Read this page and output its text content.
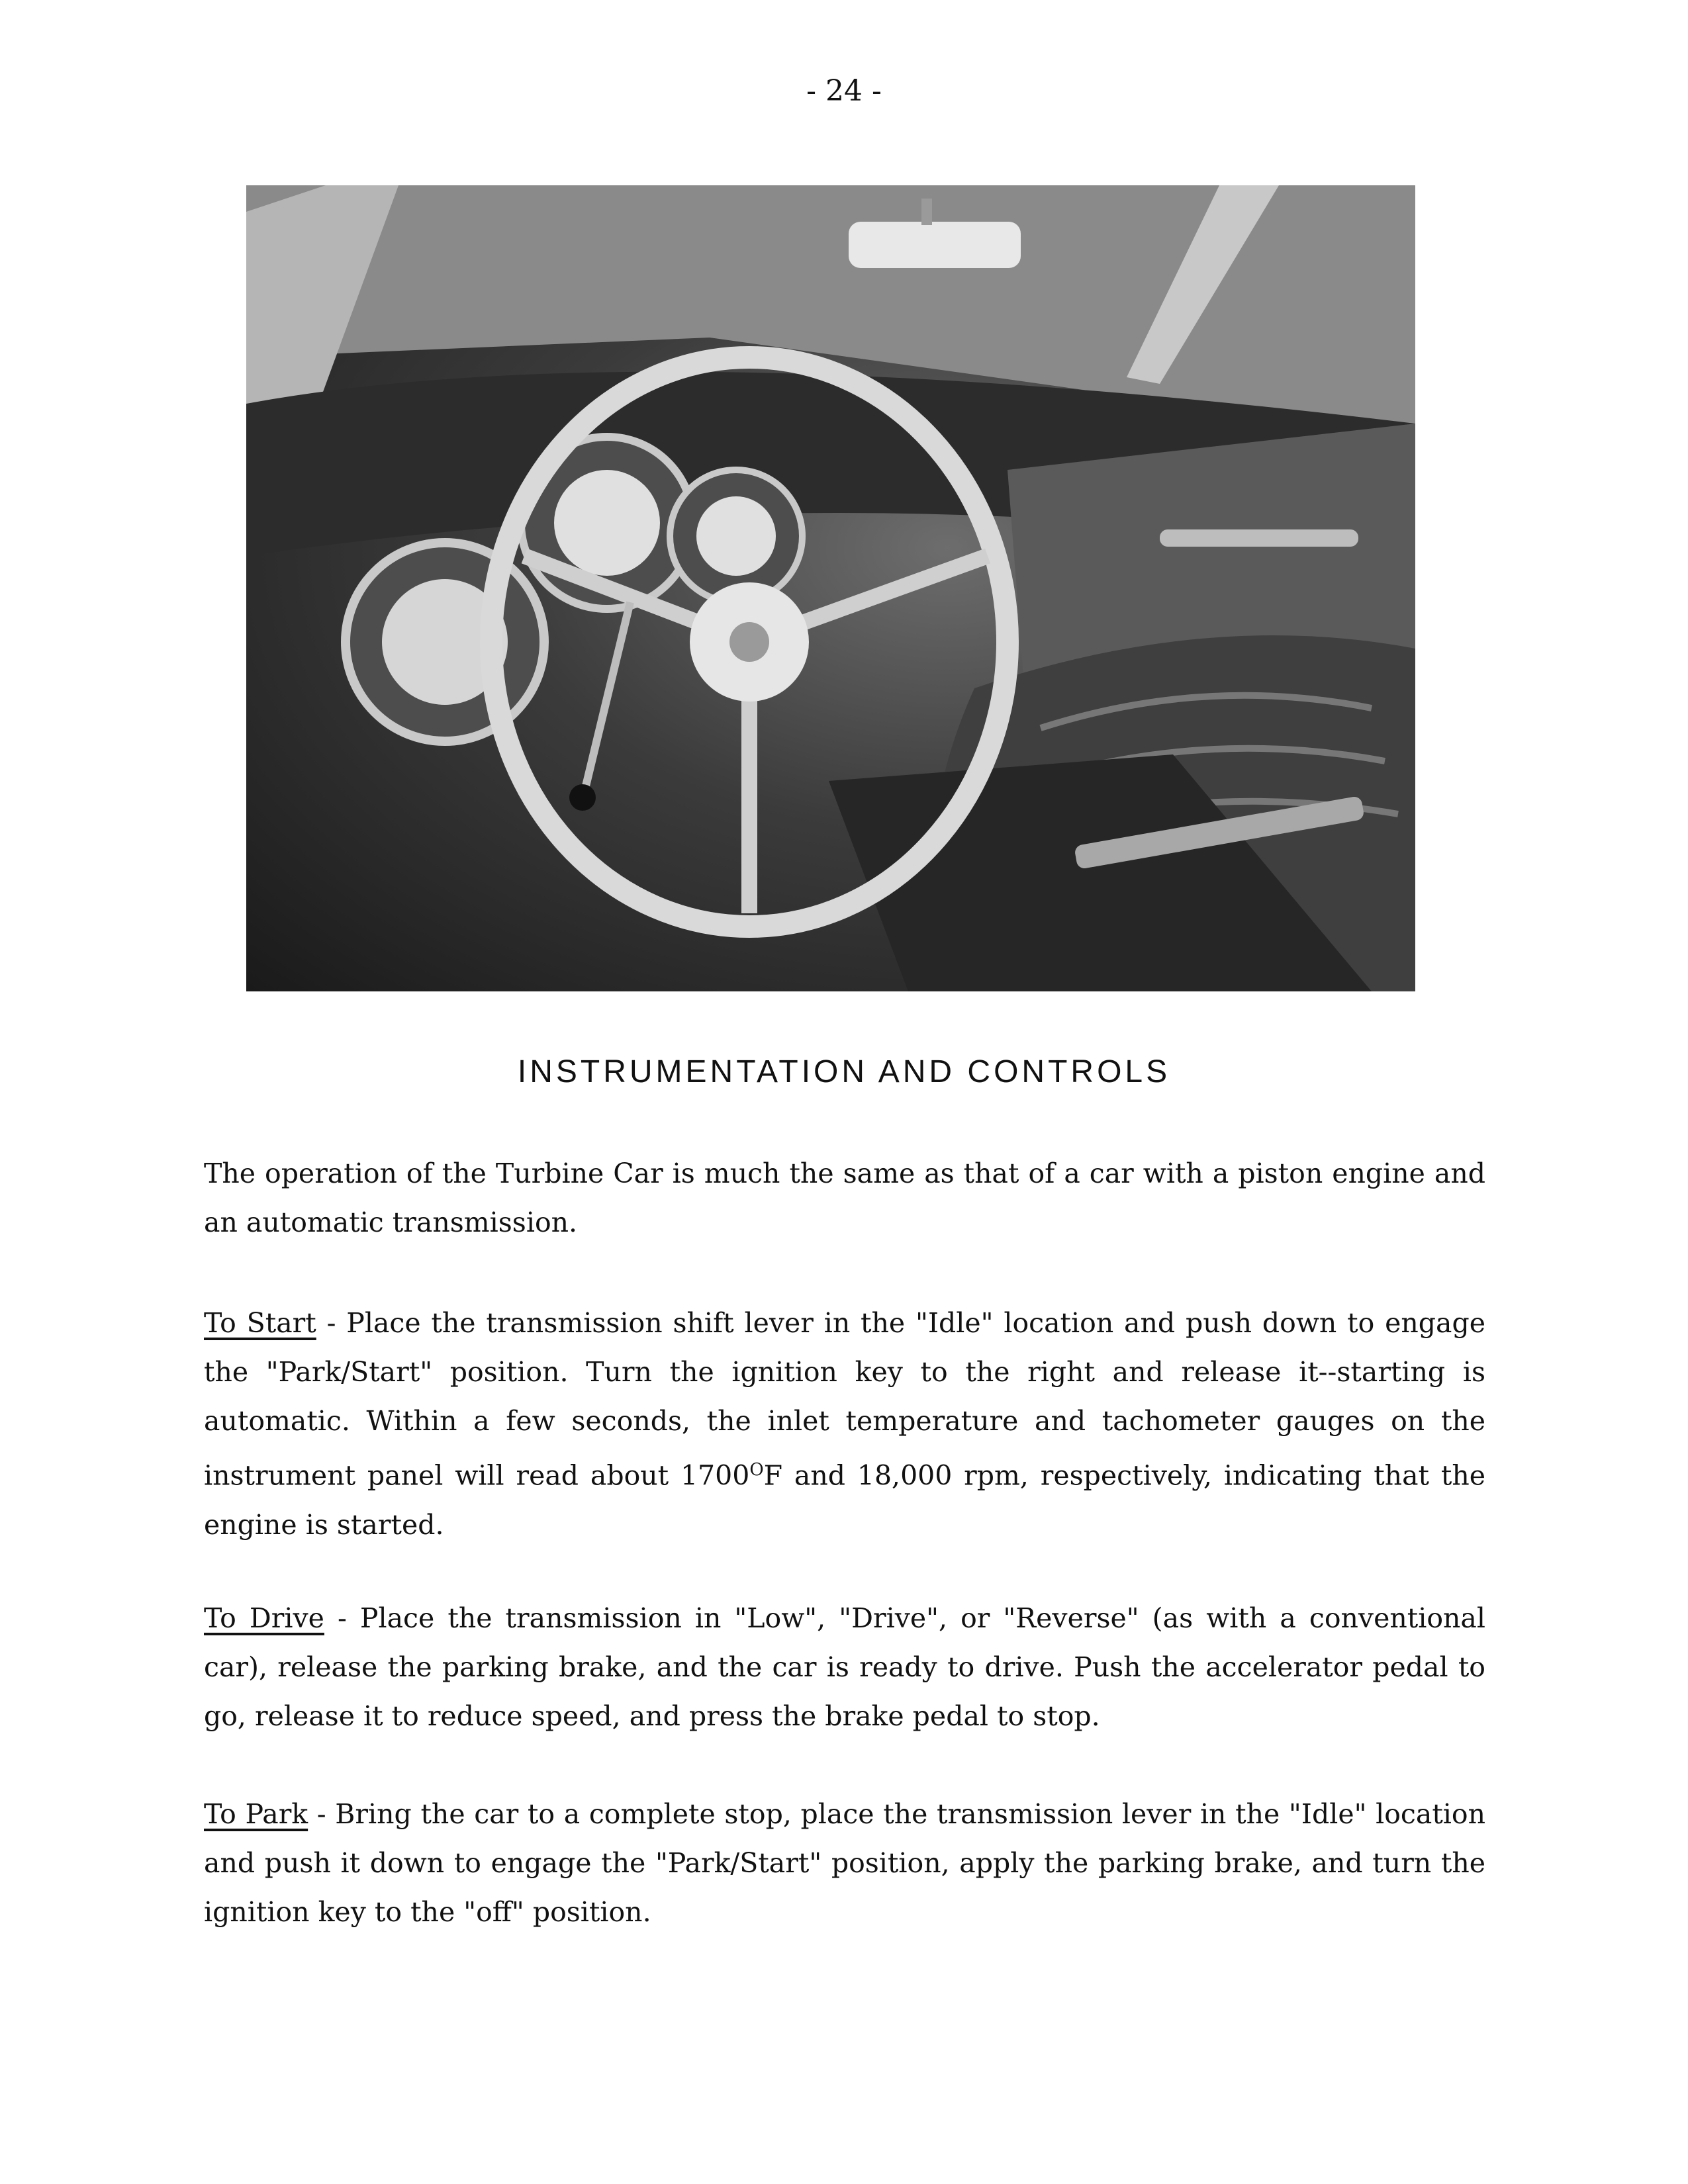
- 24 -
INSTRUMENTATION AND CONTROLS

The operation of the Turbine Car is much the same as that of a car with a piston engine and an automatic transmission.

To Start - Place the transmission shift lever in the "Idle" location and push down to engage the "Park/Start" position. Turn the ignition key to the right and release it--starting is automatic. Within a few seconds, the inlet temperature and tachometer gauges on the instrument panel will read about $1700^OF$ and 18,000 rpm, respectively, indicating that the engine is started.

To Drive - Place the transmission in "Low", "Drive", or "Reverse" (as with a conventional car), release the parking brake, and the car is ready to drive. Push the accelerator pedal to go, release it to reduce speed, and press the brake pedal to stop.

To Park - Bring the car to a complete stop, place the transmission lever in the "Idle" location and push it down to engage the "Park/Start" position, apply the parking brake, and turn the ignition key to the "off" position.
